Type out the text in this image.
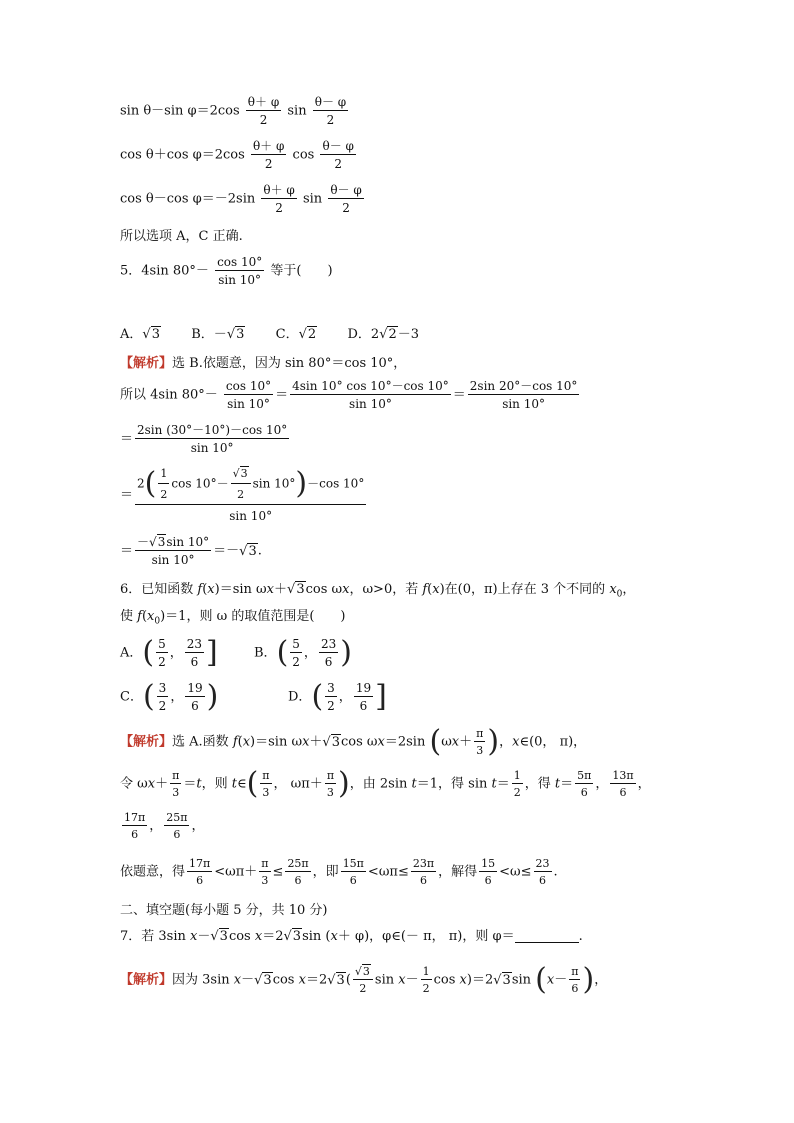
sin θ－sin $\varphi=2\cos \frac{\theta+ \varphi}{2}$ $\sin \frac{\theta- \varphi}{2}$
cos θ＋cos $\varphi=2\cos \frac{\theta+ \varphi}{2}$ $\cos \frac{\theta- \varphi}{2}$
cos θ－cos $\varphi=-2\sin \frac{\theta+ \varphi}{2}$ $\sin \frac{\theta- \varphi}{2}$
所以选项 A，C 正确.
5．4sin $80^\circ- \frac{\cos 10^\circ}{\sin 10^\circ}$ 等于(　　)
A．√3 B．－√3 C．√2 D．2√2－3
【解析】选 B.依题意，因为 sin 80°＝cos 10°，
所以 4sin $80^\circ- \frac{\cos 10^\circ}{\sin 10^\circ} = \frac{4\sin 10^\circ \cos 10^\circ-\cos 10^\circ}{\sin 10^\circ} = \frac{2\sin 20^\circ-\cos 10^\circ}{\sin 10^\circ}$
＝ $\frac{2\sin (30^\circ-10^\circ)-\cos 10^\circ}{\sin 10^\circ}$
＝ $\frac{2( \frac{1}{2} \cos 10^\circ- \frac{√3}{2} \sin 10^\circ)-\cos 10^\circ}{\sin 10^\circ}$
＝ $\frac{-√3\sin 10^\circ}{\sin 10^\circ} =-√3$.
6．已知函数 f(x)＝sin ωx＋√3cos ωx，ω>0，若 f(x)在(0，π)上存在 3 个不同的 $x_0$，
使 $f(x_0)=1$，则 ω 的取值范围是(　　)
A．( $\frac{5}{2}$ ， $\frac{23}{6}$ ]	B．( $\frac{5}{2}$ ， $\frac{23}{6}$ )
C．( $\frac{3}{2}$ ， $\frac{19}{6}$ )	D．( $\frac{3}{2}$ ， $\frac{19}{6}$ ]
【解析】选 A.函数 f(x)＝sin ωx＋√3cos ωx＝2sin ($\omega x+ \frac{\pi}{3}$ )，x∈(0， π)，
令 $\omega x+ \frac{\pi}{3} =t$，则 t∈( $\frac{\pi}{3}$ ， $\omega\pi+ \frac{\pi}{3}$ )，由 2sin t＝1，得 $\sin t= \frac{1}{2}$ ，得 $t= \frac{5\pi}{6}$ ， $\frac{13\pi}{6}$ ，
$\frac{17\pi}{6}$ ， $\frac{25\pi}{6}$ ，
依题意，得 $\frac{17\pi}{6} <\omega\pi+ \frac{\pi}{3} \le \frac{25\pi}{6}$ ，即 $\frac{15\pi}{6} <\omega\pi\le \frac{23\pi}{6}$ ，解得 $\frac{15}{6} <\omega\le \frac{23}{6}$ .
二、填空题(每小题 5 分，共 10 分)
7．若 3sin x－√3cos x＝2√3sin (x＋ φ)，φ∈(－ π， π)，则 φ＝	.
【解析】因为 3sin x－√3cos $x=2√3( \frac{√3}{2}$ $\sin x- \frac{1}{2}$ cos x)＝2√3sin ($x- \frac{\pi}{6}$ )，
